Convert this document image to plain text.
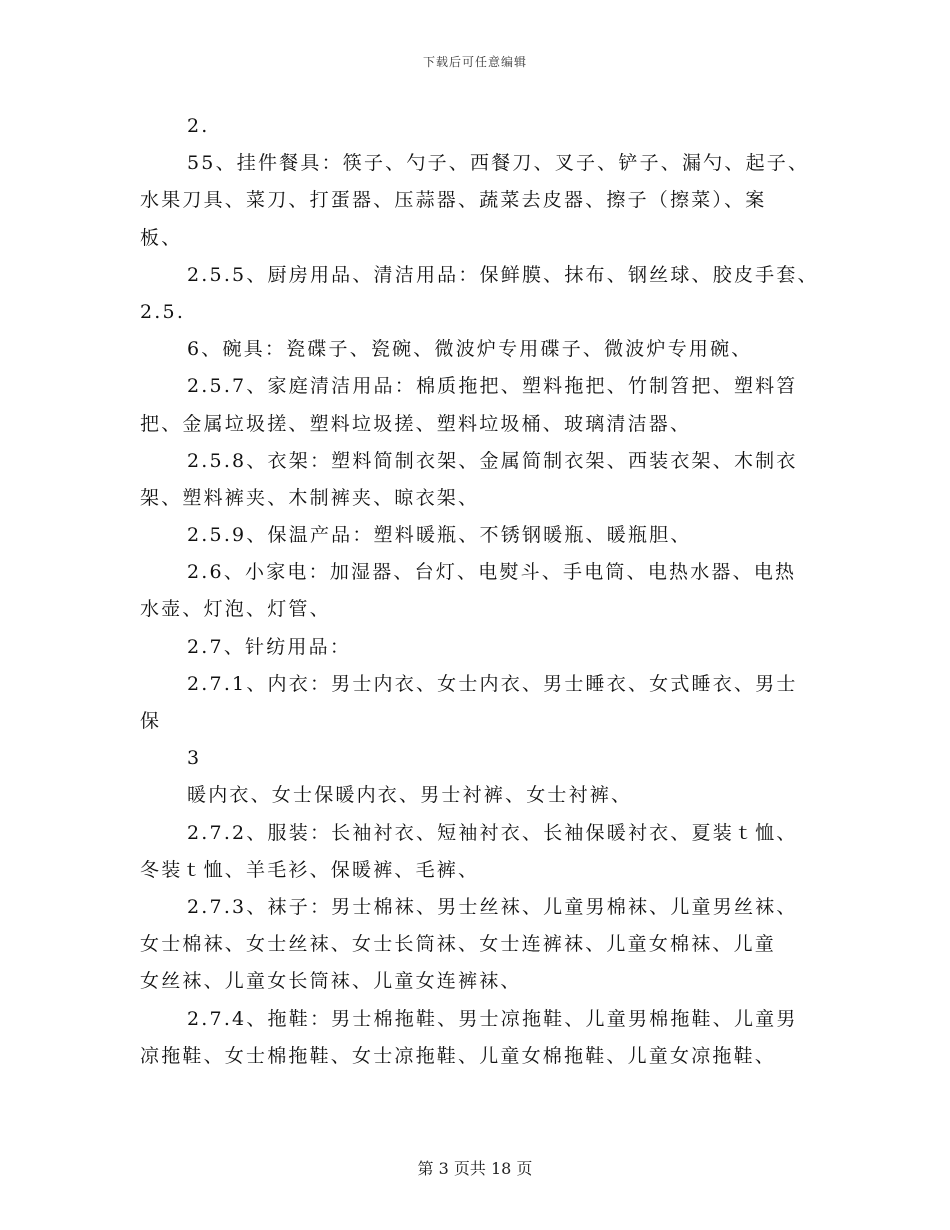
下载后可任意编辑
2.
55、挂件餐具：筷子、勺子、西餐刀、叉子、铲子、漏勺、起子、
水果刀具、菜刀、打蛋器、压蒜器、蔬菜去皮器、擦子（擦菜）、案
板、
2.5.5、厨房用品、清洁用品：保鲜膜、抹布、钢丝球、胶皮手套、
2.5.
6、碗具：瓷碟子、瓷碗、微波炉专用碟子、微波炉专用碗、
2.5.7、家庭清洁用品：棉质拖把、塑料拖把、竹制笤把、塑料笤
把、金属垃圾搓、塑料垃圾搓、塑料垃圾桶、玻璃清洁器、
2.5.8、衣架：塑料简制衣架、金属简制衣架、西装衣架、木制衣
架、塑料裤夹、木制裤夹、晾衣架、
2.5.9、保温产品：塑料暖瓶、不锈钢暖瓶、暖瓶胆、
2.6、小家电：加湿器、台灯、电熨斗、手电筒、电热水器、电热
水壶、灯泡、灯管、
2.7、针纺用品：
2.7.1、内衣：男士内衣、女士内衣、男士睡衣、女式睡衣、男士
保
3
暖内衣、女士保暖内衣、男士衬裤、女士衬裤、
2.7.2、服装：长袖衬衣、短袖衬衣、长袖保暖衬衣、夏装ｔ恤、
冬装ｔ恤、羊毛衫、保暖裤、毛裤、
2.7.3、袜子：男士棉袜、男士丝袜、儿童男棉袜、儿童男丝袜、
女士棉袜、女士丝袜、女士长筒袜、女士连裤袜、儿童女棉袜、儿童
女丝袜、儿童女长筒袜、儿童女连裤袜、
2.7.4、拖鞋：男士棉拖鞋、男士凉拖鞋、儿童男棉拖鞋、儿童男
凉拖鞋、女士棉拖鞋、女士凉拖鞋、儿童女棉拖鞋、儿童女凉拖鞋、
第 3 页共 18 页
